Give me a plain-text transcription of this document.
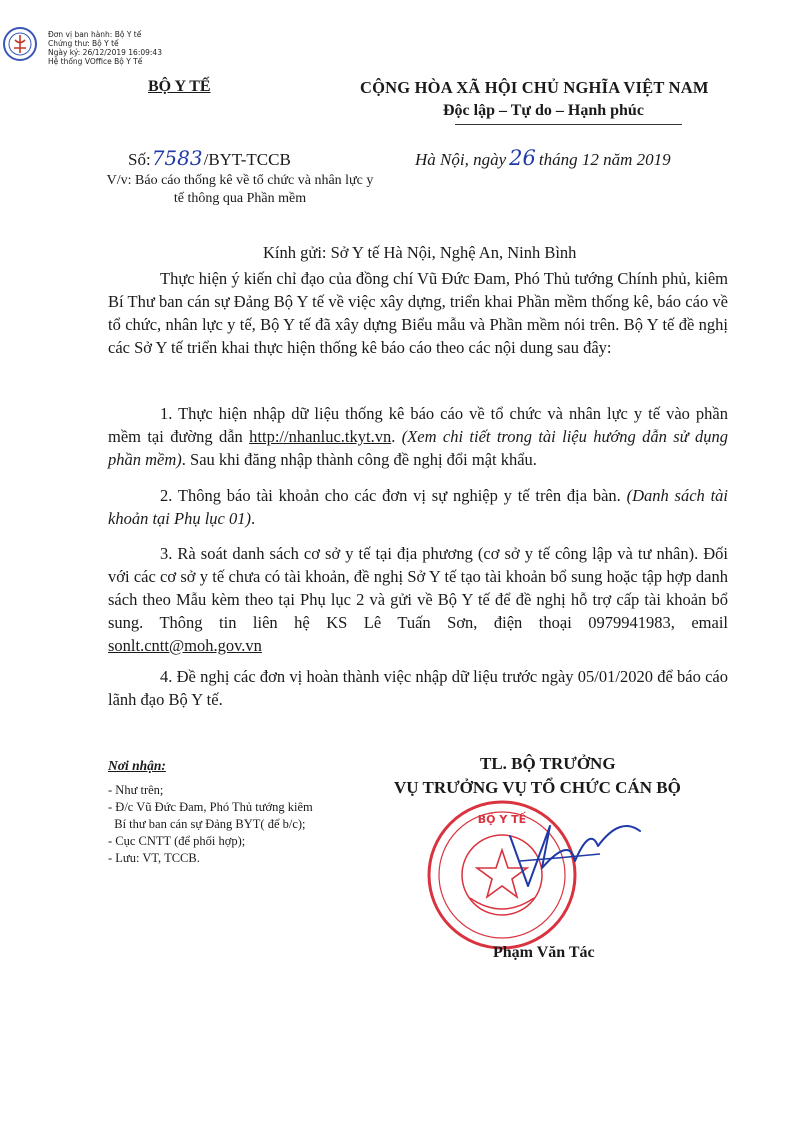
Đơn vị ban hành: Bộ Y tế
Chứng thư: Bộ Y tế
Ngày ký: 26/12/2019 16:09:43
Hệ thống VOffice Bộ Y Tế
BỘ Y TẾ	CỘNG HÒA XÃ HỘI CHỦ NGHĨA VIỆT NAM
Độc lập – Tự do – Hạnh phúc
Số:7583/BYT-TCCB	Hà Nội, ngày 26 tháng 12 năm 2019
V/v: Báo cáo thống kê về tổ chức và nhân lực y tế thông qua Phần mềm
Kính gửi: Sở Y tế Hà Nội, Nghệ An, Ninh Bình

Thực hiện ý kiến chỉ đạo của đồng chí Vũ Đức Đam, Phó Thủ tướng Chính phủ, kiêm Bí Thư ban cán sự Đảng Bộ Y tế về việc xây dựng, triển khai Phần mềm thống kê, báo cáo về tổ chức, nhân lực y tế, Bộ Y tế đã xây dựng Biểu mẫu và Phần mềm nói trên. Bộ Y tế đề nghị các Sở Y tế triển khai thực hiện thống kê báo cáo theo các nội dung sau đây:

1. Thực hiện nhập dữ liệu thống kê báo cáo về tổ chức và nhân lực y tế vào phần mềm tại đường dẫn http://nhanluc.tkyt.vn. (Xem chi tiết trong tài liệu hướng dẫn sử dụng phần mềm). Sau khi đăng nhập thành công đề nghị đổi mật khẩu.

2. Thông báo tài khoản cho các đơn vị sự nghiệp y tế trên địa bàn. (Danh sách tài khoản tại Phụ lục 01).

3. Rà soát danh sách cơ sở y tế tại địa phương (cơ sở y tế công lập và tư nhân). Đối với các cơ sở y tế chưa có tài khoản, đề nghị Sở Y tế tạo tài khoản bổ sung hoặc tập hợp danh sách theo Mẫu kèm theo tại Phụ lục 2 và gửi về Bộ Y tế để đề nghị hỗ trợ cấp tài khoản bổ sung. Thông tin liên hệ KS Lê Tuấn Sơn, điện thoại 0979941983, email sonlt.cntt@moh.gov.vn

4. Đề nghị các đơn vị hoàn thành việc nhập dữ liệu trước ngày 05/01/2020 để báo cáo lãnh đạo Bộ Y tế.

Nơi nhận:
- Như trên;
- Đ/c Vũ Đức Đam, Phó Thủ tướng kiêm
Bí thư ban cán sự Đảng BYT( để b/c);
- Cục CNTT (để phối hợp);
- Lưu: VT, TCCB.
TL. BỘ TRƯỞNG
VỤ TRƯỞNG VỤ TỔ CHỨC CÁN BỘ
BỘ Y TẾ
Phạm Văn Tác
